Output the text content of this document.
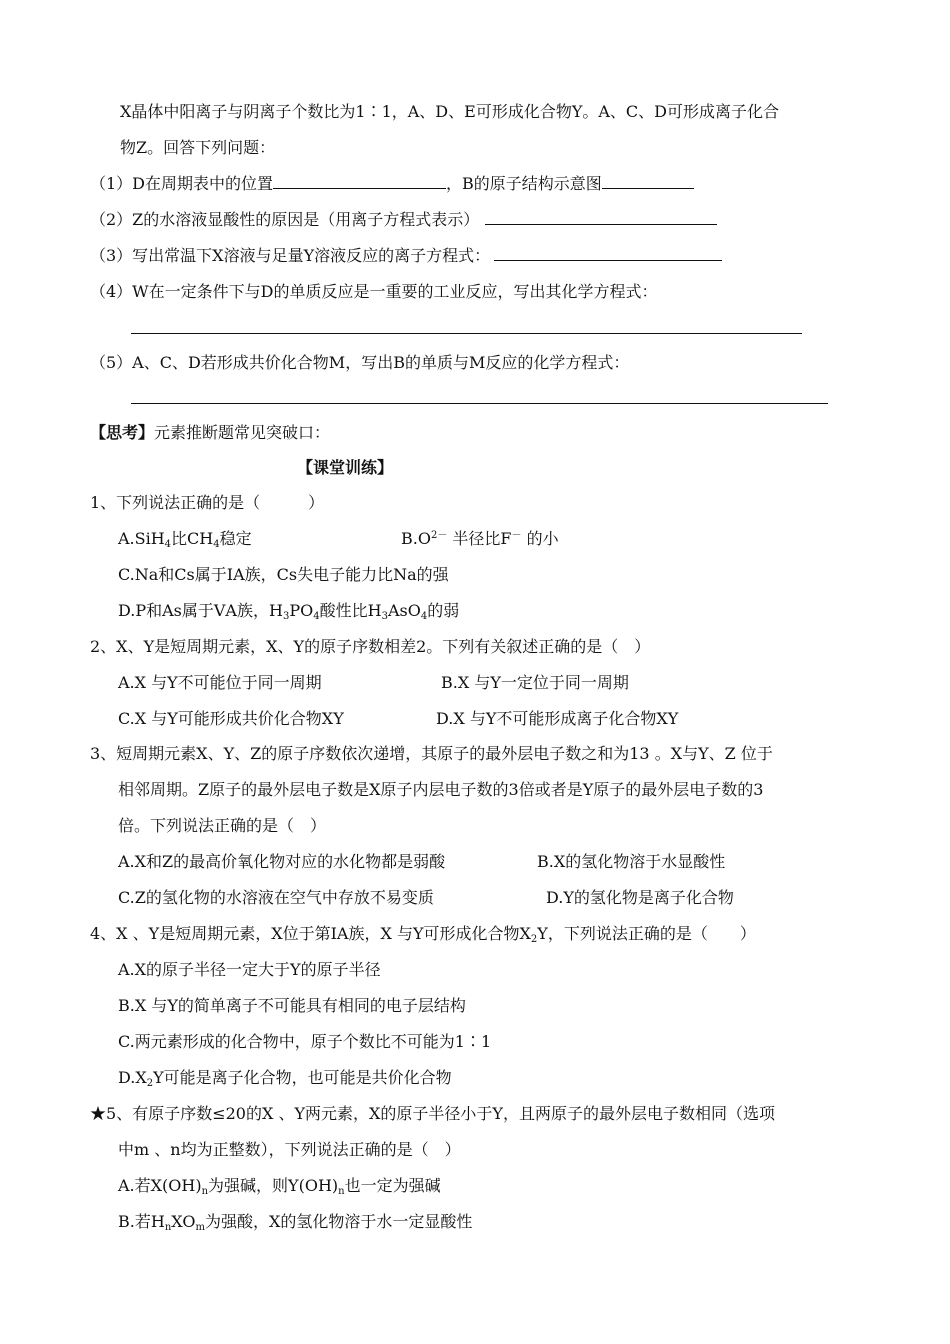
X晶体中阳离子与阴离子个数比为1∶1，A、D、E可形成化合物Y。A、C、D可形成离子化合
物Z。回答下列问题：
（1）D在周期表中的位置	，B的原子结构示意图
（2）Z的水溶液显酸性的原因是（用离子方程式表示）
（3）写出常温下X溶液与足量Y溶液反应的离子方程式：
（4）W在一定条件下与D的单质反应是一重要的工业反应，写出其化学方程式：
（5）A、C、D若形成共价化合物M，写出B的单质与M反应的化学方程式：
【思考】元素推断题常见突破口：
【课堂训练】
1、下列说法正确的是（　　　）
A.SiH$_4$比$CH_4$稳定	$B.O^{2-}$ 半径比F－ 的小
C.Na和Cs属于ⅠA族，Cs失电子能力比Na的强
D.P和As属于ⅤA族，$H_3PO_4$酸性比$H_3AsO_4$的弱
2、X、Y是短周期元素，X、Y的原子序数相差2。下列有关叙述正确的是（　）
A.X 与Y不可能位于同一周期	B.X 与Y一定位于同一周期
C.X 与Y可能形成共价化合物XY	D.X 与Y不可能形成离子化合物XY
3、短周期元素X、Y、Z的原子序数依次递增，其原子的最外层电子数之和为13 。X与Y、Z 位于
相邻周期。Z原子的最外层电子数是X原子内层电子数的3倍或者是Y原子的最外层电子数的3
倍。下列说法正确的是（　）
A.X和Z的最高价氧化物对应的水化物都是弱酸	B.X的氢化物溶于水显酸性
C.Z的氢化物的水溶液在空气中存放不易变质	D.Y的氢化物是离子化合物
4、X 、Y是短周期元素，X位于第IA族，X 与Y可形成化合物$X_2Y$，下列说法正确的是（　　）
A.X的原子半径一定大于Y的原子半径
B.X 与Y的简单离子不可能具有相同的电子层结构
C.两元素形成的化合物中，原子个数比不可能为1∶1
$D.X_2Y$可能是离子化合物，也可能是共价化合物
★5、有原子序数≤20的X 、Y两元素，X的原子半径小于Y，且两原子的最外层电子数相同（选项
中m 、n均为正整数），下列说法正确的是（　）
A.若$X(OH)_n$为强碱，则$Y(OH)_n$也一定为强碱
B.若$H_nXO_m$为强酸，X的氢化物溶于水一定显酸性
